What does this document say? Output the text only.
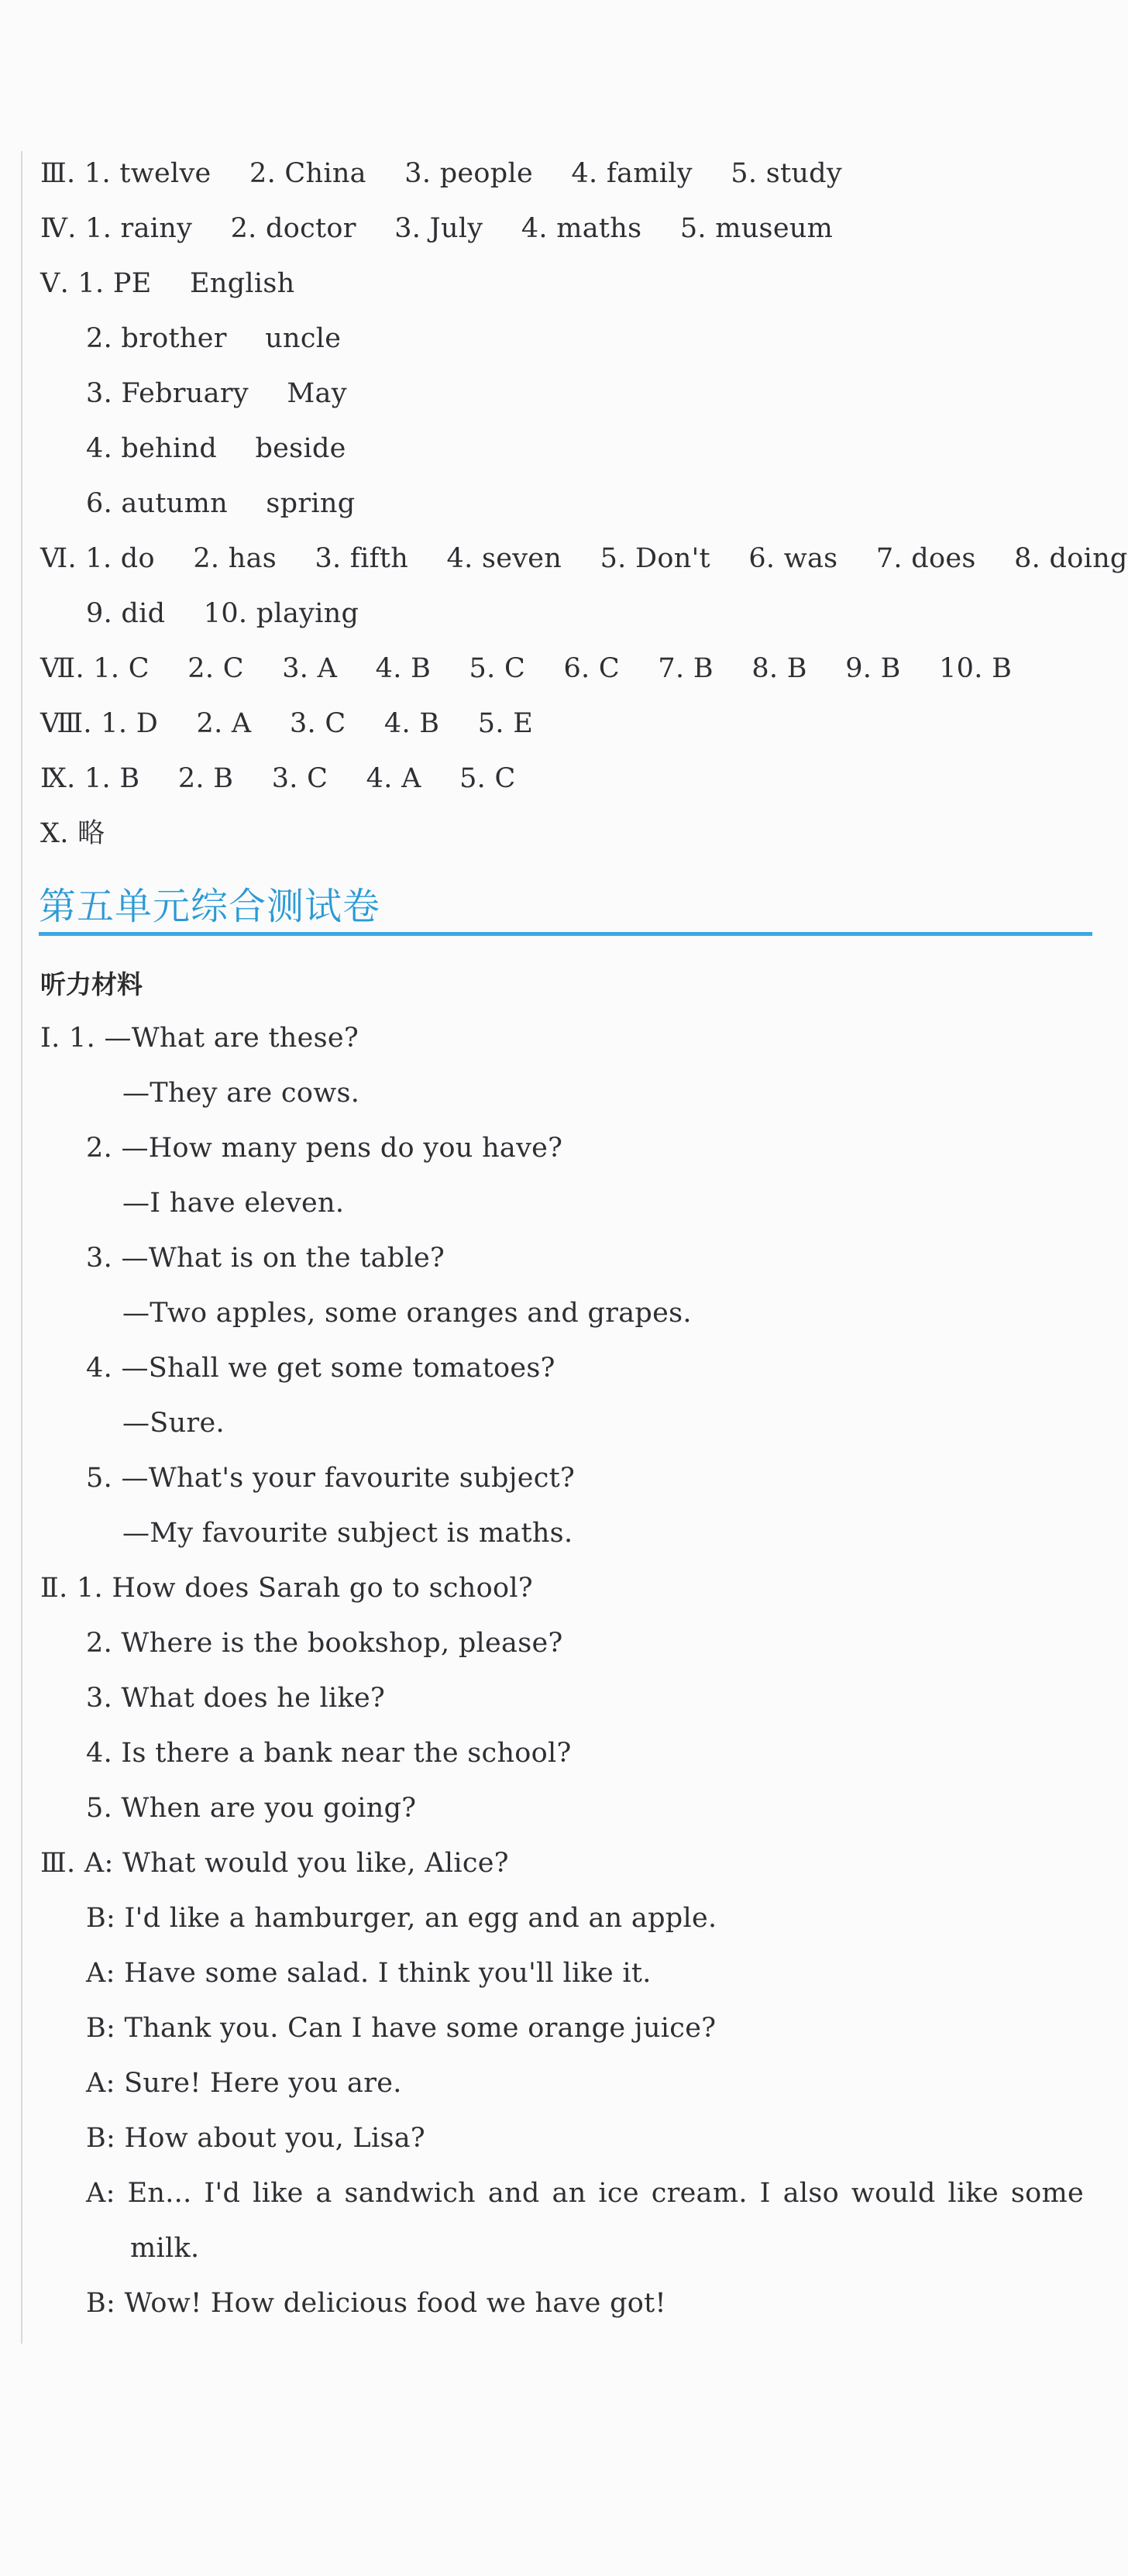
Ⅲ. 1. twelve 2. China 3. people 4. family 5. study
Ⅳ. 1. rainy 2. doctor 3. July 4. maths 5. museum
Ⅴ. 1. PE English
2. brother uncle
3. February May
4. behind beside
6. autumn spring
Ⅵ. 1. do 2. has 3. fifth 4. seven 5. Don't 6. was 7. does 8. doing
9. did 10. playing
Ⅶ. 1. C 2. C 3. A 4. B 5. C 6. C 7. B 8. B 9. B 10. B
Ⅷ. 1. D 2. A 3. C 4. B 5. E
Ⅸ. 1. B 2. B 3. C 4. A 5. C
Ⅹ. 略
第五单元综合测试卷
听力材料
Ⅰ. 1. —What are these?
—They are cows.
2. —How many pens do you have?
—I have eleven.
3. —What is on the table?
—Two apples, some oranges and grapes.
4. —Shall we get some tomatoes?
—Sure.
5. —What's your favourite subject?
—My favourite subject is maths.
Ⅱ. 1. How does Sarah go to school?
2. Where is the bookshop, please?
3. What does he like?
4. Is there a bank near the school?
5. When are you going?
Ⅲ. A: What would you like, Alice?
B: I'd like a hamburger, an egg and an apple.
A: Have some salad. I think you'll like it.
B: Thank you. Can I have some orange juice?
A: Sure! Here you are.
B: How about you, Lisa?
A: En... I'd like a sandwich and an ice cream. I also would like some
milk.
B: Wow! How delicious food we have got!
